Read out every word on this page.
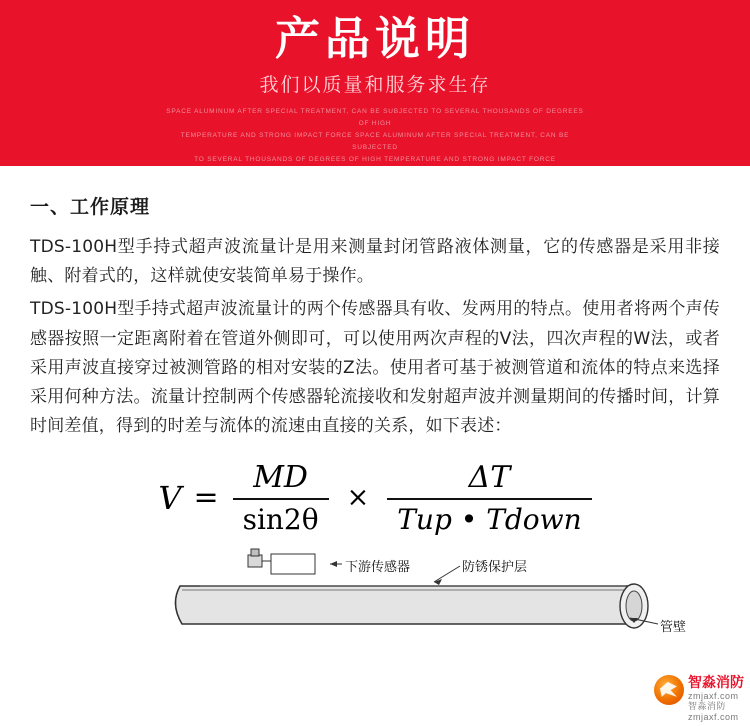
产品说明
我们以质量和服务求生存
SPACE ALUMINUM AFTER SPECIAL TREATMENT, CAN BE SUBJECTED TO SEVERAL THOUSANDS OF DEGREES OF HIGH
TEMPERATURE AND STRONG IMPACT FORCE SPACE ALUMINUM AFTER SPECIAL TREATMENT, CAN BE SUBJECTED
TO SEVERAL THOUSANDS OF DEGREES OF HIGH TEMPERATURE AND STRONG IMPACT FORCE
一、工作原理

TDS-100H型手持式超声波流量计是用来测量封闭管路液体测量，它的传感器是采用非接触、附着式的，这样就使安装简单易于操作。

TDS-100H型手持式超声波流量计的两个传感器具有收、发两用的特点。使用者将两个声传感器按照一定距离附着在管道外侧即可，可以使用两次声程的V法，四次声程的W法，或者采用声波直接穿过被测管路的相对安装的Z法。使用者可基于被测管道和流体的特点来选择采用何种方法。流量计控制两个传感器轮流接收和发射超声波并测量期间的传播时间，计算时间差值，得到的时差与流体的流速由直接的关系，如下表述：

$V = \frac{MD}{\sin 2\theta} \times \frac{\Delta T}{\text{Tup • Tdown}}$
下游传感器	防锈保护层
管壁
智淼消防
zmjaxf.com
智淼消防
zmjaxf.com
